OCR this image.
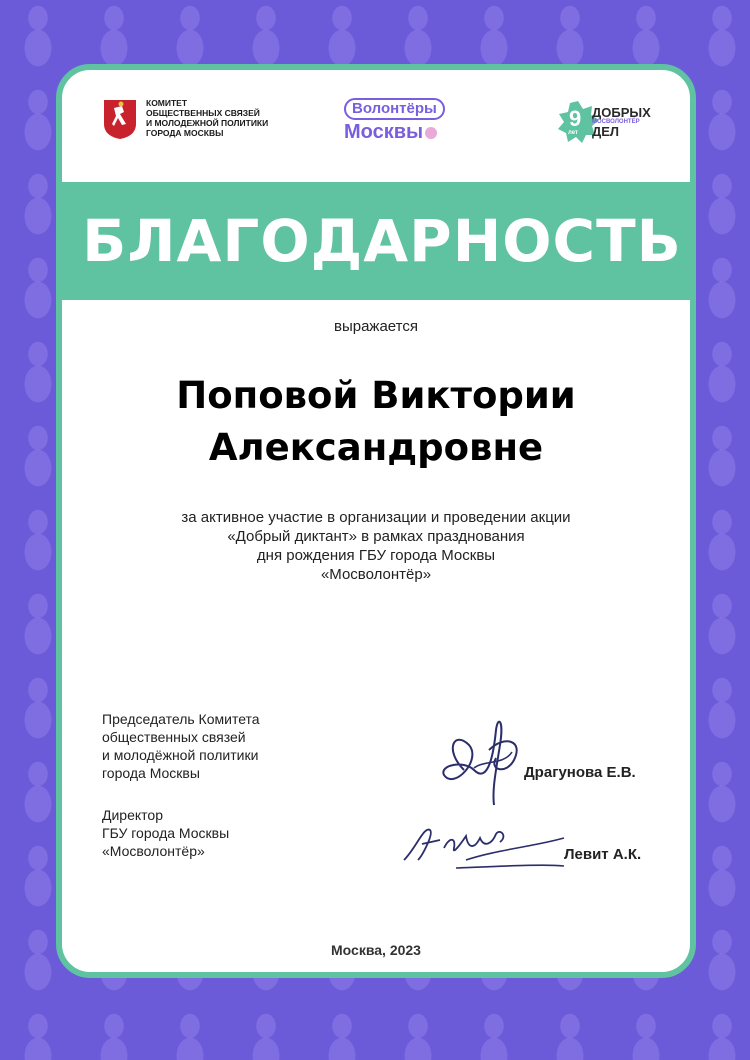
КОМИТЕТ
ОБЩЕСТВЕННЫХ СВЯЗЕЙ
И МОЛОДЕЖНОЙ ПОЛИТИКИ
ГОРОДА МОСКВЫ
Волонтёры
Москвы
9
лет
ДОБРЫХ
МОСВОЛОНТЁР
ДЕЛ
БЛАГОДАРНОСТЬ
выражается
Поповой Виктории
Александровне
за активное участие в организации и проведении акции
«Добрый диктант» в рамках празднования
дня рождения ГБУ города Москвы
«Мосволонтёр»
Председатель Комитета
общественных связей
и молодёжной политики
города Москвы	Драгунова Е.В.
Директор
ГБУ города Москвы
«Мосволонтёр»	Левит А.К.
Москва, 2023
